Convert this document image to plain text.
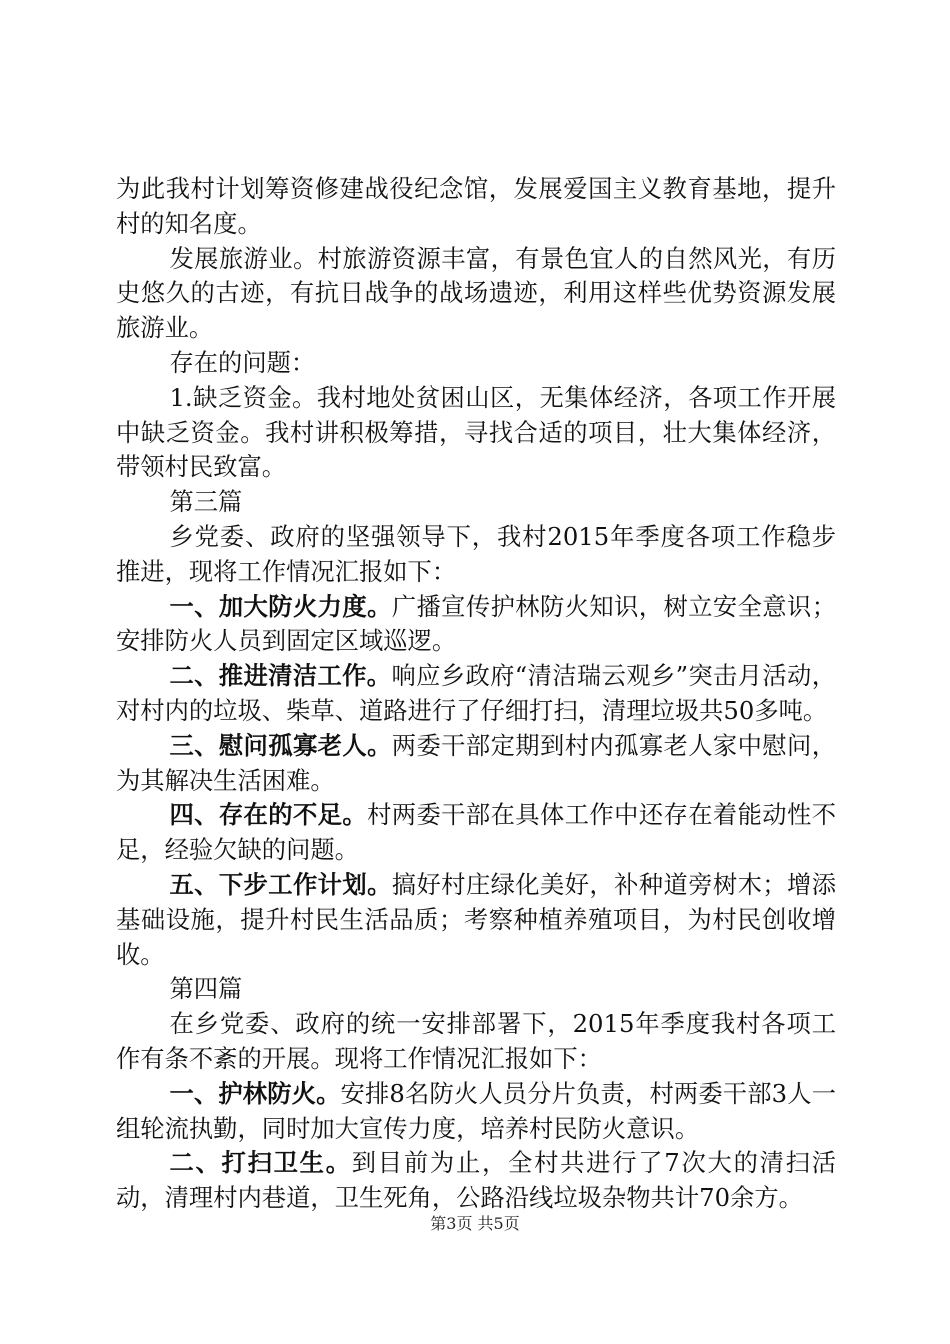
为此我村计划筹资修建战役纪念馆，发展爱国主义教育基地，提升村的知名度。

发展旅游业。村旅游资源丰富，有景色宜人的自然风光，有历史悠久的古迹，有抗日战争的战场遗迹，利用这样些优势资源发展旅游业。

存在的问题：

1.缺乏资金。我村地处贫困山区，无集体经济，各项工作开展中缺乏资金。我村讲积极筹措，寻找合适的项目，壮大集体经济，带领村民致富。

第三篇

乡党委、政府的坚强领导下，我村2015年季度各项工作稳步推进，现将工作情况汇报如下：

一、加大防火力度。广播宣传护林防火知识，树立安全意识；安排防火人员到固定区域巡逻。

二、推进清洁工作。响应乡政府“清洁瑞云观乡”突击月活动，对村内的垃圾、柴草、道路进行了仔细打扫，清理垃圾共50多吨。

三、慰问孤寡老人。两委干部定期到村内孤寡老人家中慰问，为其解决生活困难。

四、存在的不足。村两委干部在具体工作中还存在着能动性不足，经验欠缺的问题。

五、下步工作计划。搞好村庄绿化美好，补种道旁树木；增添基础设施，提升村民生活品质；考察种植养殖项目，为村民创收增收。

第四篇

在乡党委、政府的统一安排部署下，2015年季度我村各项工作有条不紊的开展。现将工作情况汇报如下：

一、护林防火。安排8名防火人员分片负责，村两委干部3人一组轮流执勤，同时加大宣传力度，培养村民防火意识。

二、打扫卫生。到目前为止，全村共进行了7次大的清扫活动，清理村内巷道，卫生死角，公路沿线垃圾杂物共计70余方。

第3页 共5页
